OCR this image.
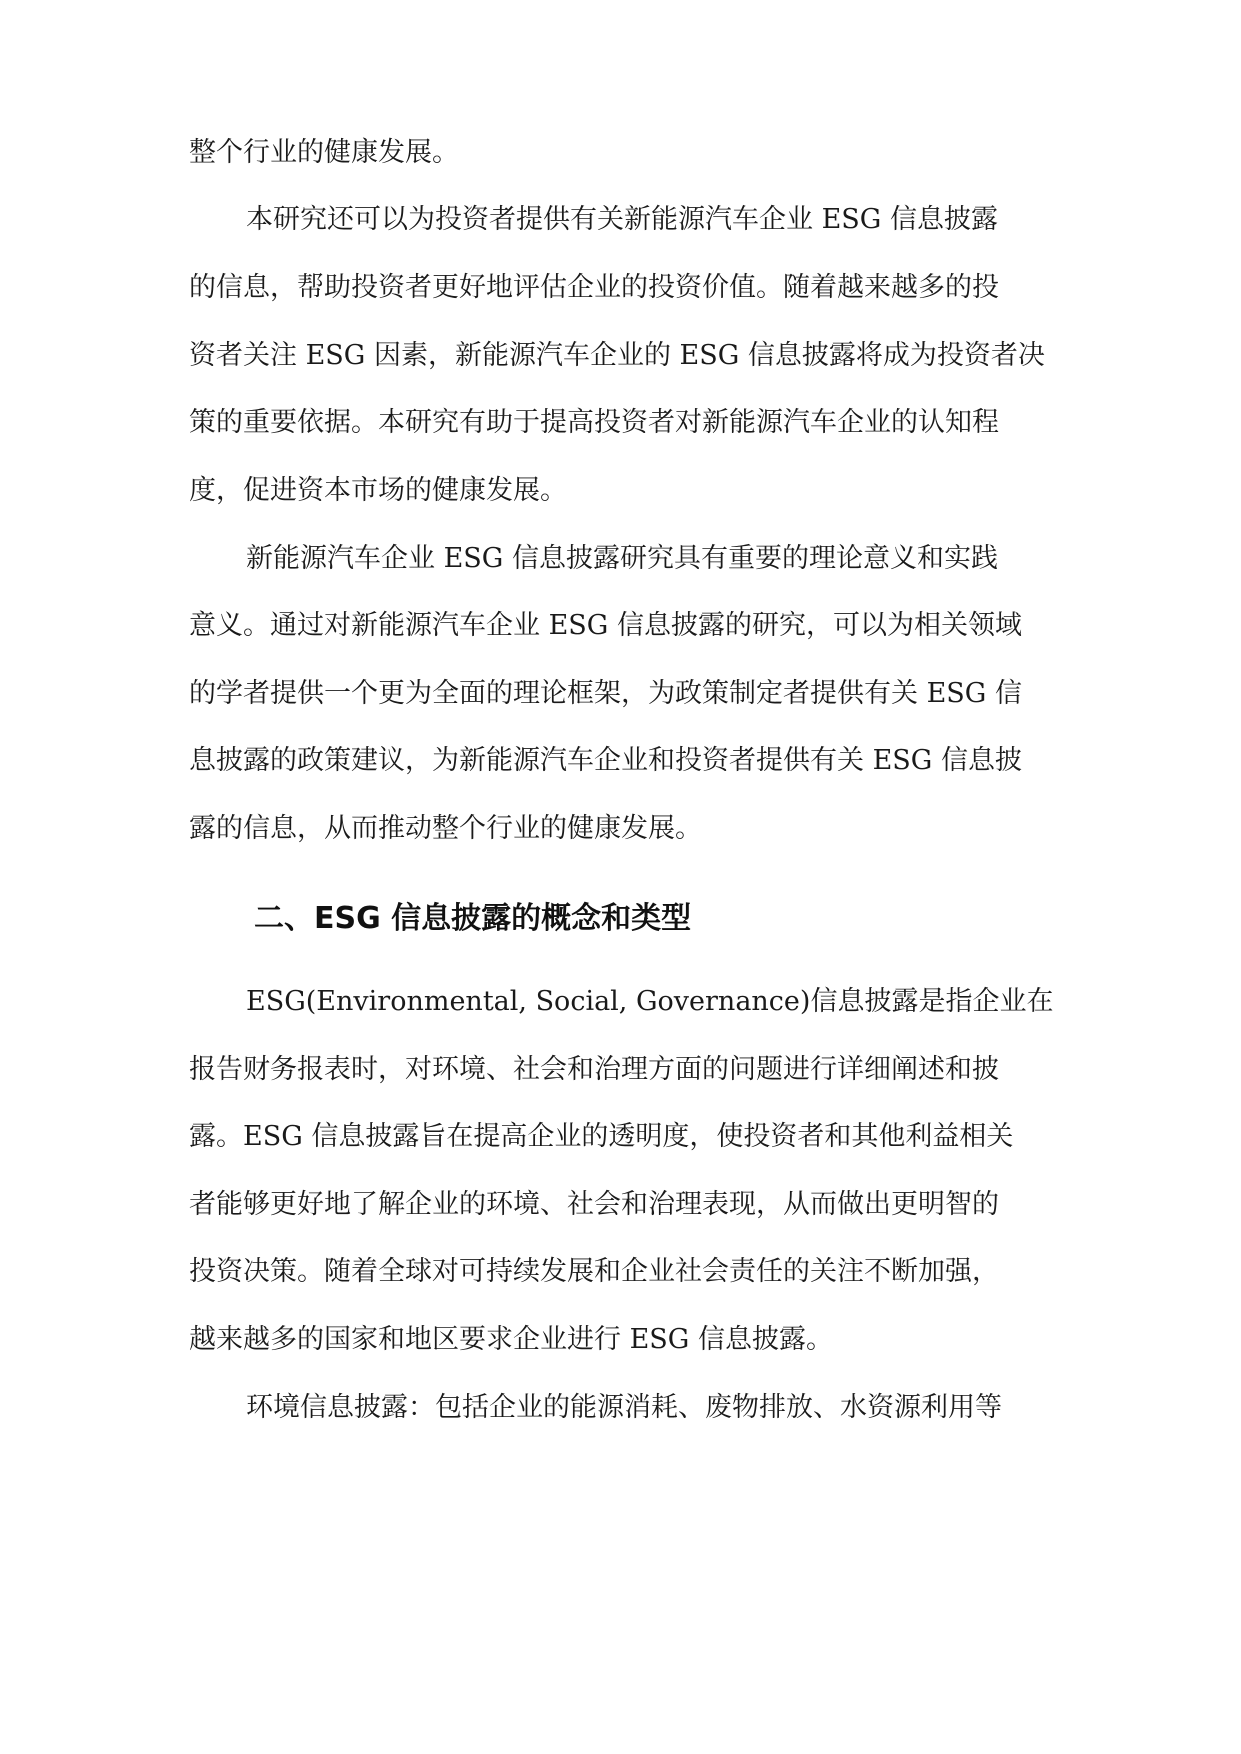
整个行业的健康发展。

本研究还可以为投资者提供有关新能源汽车企业 ESG 信息披露

的信息，帮助投资者更好地评估企业的投资价值。随着越来越多的投

资者关注 ESG 因素，新能源汽车企业的 ESG 信息披露将成为投资者决

策的重要依据。本研究有助于提高投资者对新能源汽车企业的认知程

度，促进资本市场的健康发展。

新能源汽车企业 ESG 信息披露研究具有重要的理论意义和实践

意义。通过对新能源汽车企业 ESG 信息披露的研究，可以为相关领域

的学者提供一个更为全面的理论框架，为政策制定者提供有关 ESG 信

息披露的政策建议，为新能源汽车企业和投资者提供有关 ESG 信息披

露的信息，从而推动整个行业的健康发展。

二、ESG 信息披露的概念和类型

ESG(Environmental, Social, Governance)信息披露是指企业在

报告财务报表时，对环境、社会和治理方面的问题进行详细阐述和披

露。ESG 信息披露旨在提高企业的透明度，使投资者和其他利益相关

者能够更好地了解企业的环境、社会和治理表现，从而做出更明智的

投资决策。随着全球对可持续发展和企业社会责任的关注不断加强，

越来越多的国家和地区要求企业进行 ESG 信息披露。

环境信息披露：包括企业的能源消耗、废物排放、水资源利用等
